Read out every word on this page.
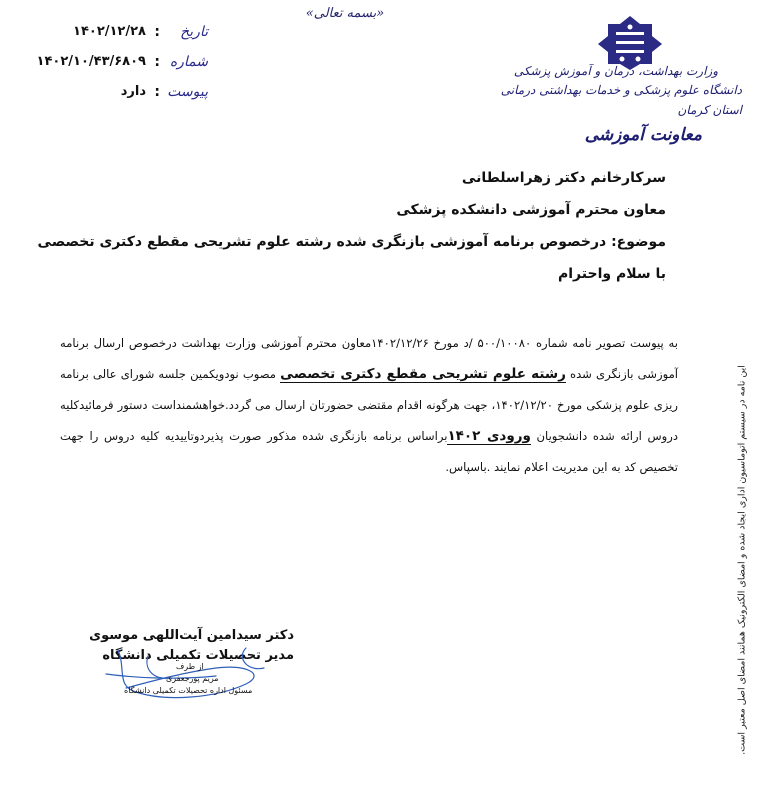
«بسمه تعالی»
تاریخ
:
۱۴۰۲/۱۲/۲۸
شماره
:
۱۴۰۲/۱۰/۴۳/۶۸۰۹
پیوست
:
دارد
وزارت بهداشت، درمان و آموزش پزشکی
دانشگاه علوم پزشکی و خدمات بهداشتی درمانی استان کرمان
معاونت آموزشی
سرکارخانم دکتر زهراسلطانی
معاون محترم آموزشی دانشکده پزشکی
موضوع: درخصوص برنامه آموزشی بازنگری شده رشته علوم تشریحی مقطع دکتری تخصصی
با سلام واحترام
به پیوست تصویر نامه شماره ۵۰۰/۱۰۰۸۰ /د مورخ ۱۴۰۲/۱۲/۲۶معاون محترم آموزشی وزارت بهداشت درخصوص ارسال برنامه آموزشی بازنگری شده رشته علوم تشریحی مقطع دکتری تخصصی مصوب نودویکمین جلسه شورای عالی برنامه ریزی علوم پزشکی مورخ ۱۴۰۲/۱۲/۲۰، جهت هرگونه اقدام مقتضی حضورتان ارسال می گردد.خواهشمنداست دستور فرمائیدکلیه دروس ارائه شده دانشجویان ورودی ۱۴۰۲براساس برنامه بازنگری شده مذکور صورت پذیردوتاییدیه کلیه دروس را جهت تخصیص کد به این مدیریت اعلام نمایند .باسپاس.	این نامه در سیستم اتوماسیون اداری ایجاد شده و امضای الکترونیک همانند امضای اصل معتبر است.
دکتر سیدامین آیت‌اللهی موسوی
مدیر تحصیلات تکمیلی دانشگاه
از طرف
مریم پورجعفری
مسئول اداره تحصیلات تکمیلی دانشگاه
